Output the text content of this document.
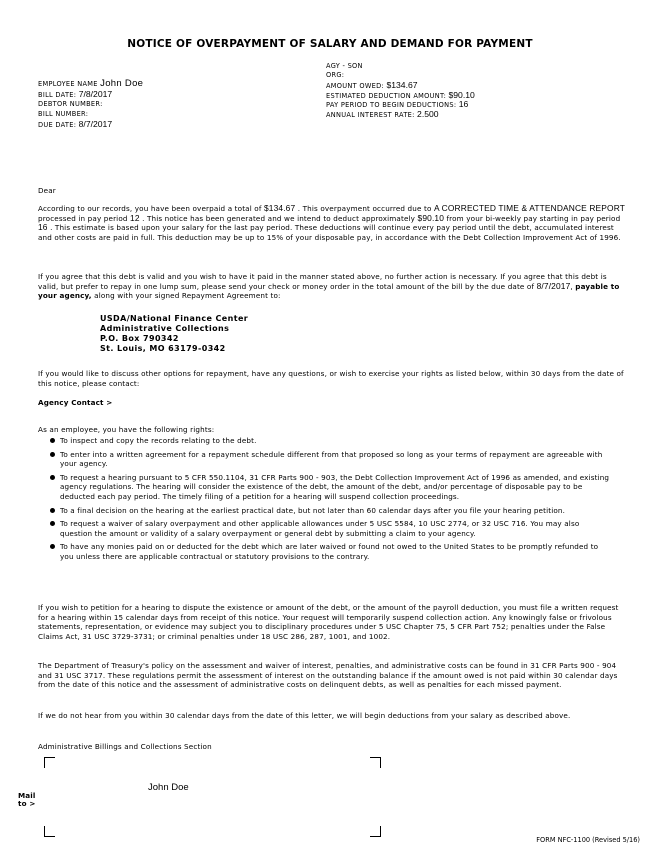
NOTICE OF OVERPAYMENT OF SALARY AND DEMAND FOR PAYMENT
AGY - SON
ORG:
AMOUNT OWED: $134.67
ESTIMATED DEDUCTION AMOUNT: $90.10
PAY PERIOD TO BEGIN DEDUCTIONS: 16
ANNUAL INTEREST RATE: 2.500
EMPLOYEE NAME John Doe
BILL DATE: 7/8/2017
DEBTOR NUMBER:
BILL NUMBER:
DUE DATE: 8/7/2017
Dear
According to our records, you have been overpaid a total of $134.67 . This overpayment occurred due to A CORRECTED TIME & ATTENDANCE REPORT processed in pay period 12 . This notice has been generated and we intend to deduct approximately $90.10 from your bi-weekly pay starting in pay period 16 . This estimate is based upon your salary for the last pay period. These deductions will continue every pay period until the debt, accumulated interest and other costs are paid in full. This deduction may be up to 15% of your disposable pay, in accordance with the Debt Collection Improvement Act of 1996.
If you agree that this debt is valid and you wish to have it paid in the manner stated above, no further action is necessary. If you agree that this debt is valid, but prefer to repay in one lump sum, please send your check or money order in the total amount of the bill by the due date of 8/7/2017, payable to your agency, along with your signed Repayment Agreement to:
USDA/National Finance Center
Administrative Collections
P.O. Box 790342
St. Louis, MO 63179-0342
If you would like to discuss other options for repayment, have any questions, or wish to exercise your rights as listed below, within 30 days from the date of this notice, please contact:
Agency Contact >
As an employee, you have the following rights:
To inspect and copy the records relating to the debt.
To enter into a written agreement for a repayment schedule different from that proposed so long as your terms of repayment are agreeable with your agency.
To request a hearing pursuant to 5 CFR 550.1104, 31 CFR Parts 900 - 903, the Debt Collection Improvement Act of 1996 as amended, and existing agency regulations. The hearing will consider the existence of the debt, the amount of the debt, and/or percentage of disposable pay to be deducted each pay period. The timely filing of a petition for a hearing will suspend collection proceedings.
To a final decision on the hearing at the earliest practical date, but not later than 60 calendar days after you file your hearing petition.
To request a waiver of salary overpayment and other applicable allowances under 5 USC 5584, 10 USC 2774, or 32 USC 716. You may also question the amount or validity of a salary overpayment or general debt by submitting a claim to your agency.
To have any monies paid on or deducted for the debt which are later waived or found not owed to the United States to be promptly refunded to you unless there are applicable contractual or statutory provisions to the contrary.
If you wish to petition for a hearing to dispute the existence or amount of the debt, or the amount of the payroll deduction, you must file a written request for a hearing within 15 calendar days from receipt of this notice. Your request will temporarily suspend collection action. Any knowingly false or frivolous statements, representation, or evidence may subject you to disciplinary procedures under 5 USC Chapter 75, 5 CFR Part 752; penalties under the False Claims Act, 31 USC 3729-3731; or criminal penalties under 18 USC 286, 287, 1001, and 1002.
The Department of Treasury's policy on the assessment and waiver of interest, penalties, and administrative costs can be found in 31 CFR Parts 900 - 904 and 31 USC 3717. These regulations permit the assessment of interest on the outstanding balance if the amount owed is not paid within 30 calendar days from the date of this notice and the assessment of administrative costs on delinquent debts, as well as penalties for each missed payment.
If we do not hear from you within 30 calendar days from the date of this letter, we will begin deductions from your salary as described above.
Administrative Billings and Collections Section
Mail
to >
John Doe
FORM NFC-1100 (Revised 5/16)
